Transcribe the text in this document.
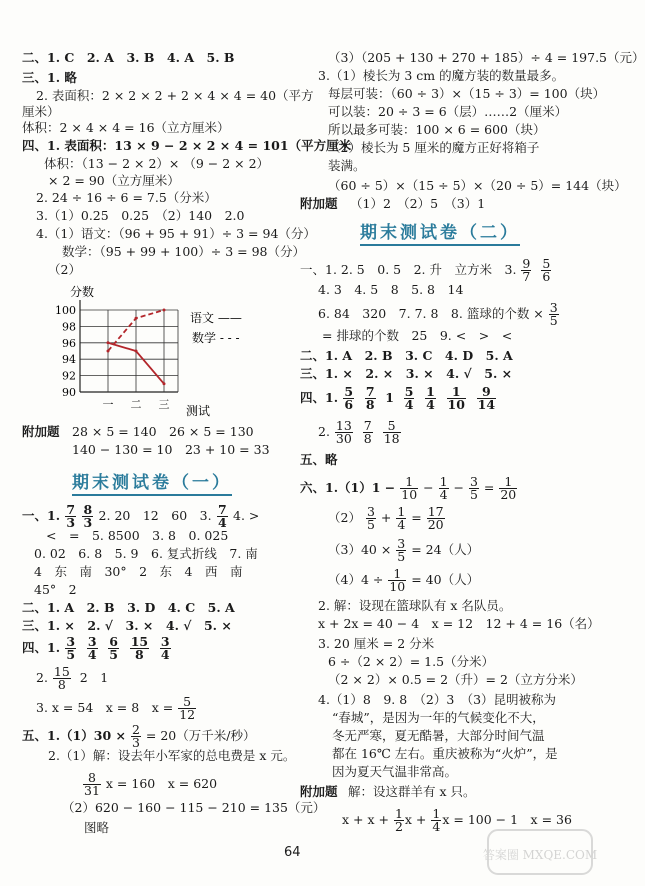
二、1. C　2. A　3. B　4. A　5. B
三、1. 略
2. 表面积：2 × 2 × 2 + 2 × 4 × 4 = 40（平方
厘米）
体积：2 × 4 × 4 = 16（立方厘米）
四、1. 表面积：13 × 9 − 2 × 2 × 4 = 101（平方厘米
体积：（13 − 2 × 2）× （9 − 2 × 2）
× 2 = 90（立方厘米）
2. 24 ÷ 16 ÷ 6 = 7.5（分米）
3.（1）0.25　0.25　（2）140　2.0
4.（1）语文：（96 + 95 + 91）÷ 3 = 94（分）
数学：（95 + 99 + 100）÷ 3 = 98（分）
（2）
分数
90
92
94
96
98
100
一 二 三 测试
语文 ——
数学 - - -
附加题 28 × 5 = 140　26 × 5 = 130
140 − 130 = 10　23 + 10 = 33
期末测试卷（一）
一、1. $\frac{7}{3}$
$\frac{8}{3} 2$. 20　12　60　3. $\frac{7}{4} 4$. >
<　=　5. 8500　3. 8　0. 025
0. 02　6. 8　5. 9　6. 复式折线　7. 南
4　东　南　30°　2　东　4　西　南
45°　2
二、1. A　2. B　3. D　4. C　5. A
三、1. ×　2. √　3. ×　4. √　5. ×
四、1. $\frac{3}{5}$
$\frac{3}{4}$
$\frac{6}{5}$
$\frac{15}{8}$
$\frac{3}{4}$
2. $\frac{15}{8} 2$　1
3. x = 54　x = 8　$x = \frac{5}{12}$
五、$1.(1)30 \times \frac{2}{3} = 20$（万千米/秒）
2.（1）解：设去年小军家的总电费是 x 元。
$\frac{8}{31}$ x = 160　x = 620
（2）620 − 160 − 115 − 210 = 135（元）
图略
（3）（205 + 130 + 270 + 185）÷ 4 = 197.5（元）
3.（1）棱长为 3 cm 的魔方装的数量最多。
每层可装：（60 ÷ 3）×（15 ÷ 3）= 100（块）
可以装：20 ÷ 3 = 6（层）……2（厘米）
所以最多可装：100 × 6 = 600（块）
（2）棱长为 5 厘米的魔方正好将箱子
装满。
（60 ÷ 5）×（15 ÷ 5）×（20 ÷ 5）= 144（块）
附加题 （1）2　（2）5　（3）1
期末测试卷（二）
一、1. 2. 5　0. 5　2. 升　立方米　3. $\frac{9}{7}$
$\frac{5}{6}$
4. 3　4. 5　8　5. 8　14
6. 84　320　7. 7. 8　8. 篮球的个数 × $\frac{3}{5}$
= 排球的个数　25　9. <　>　<
二、1. A　2. B　3. C　4. D　5. A
三、1. ×　2. ×　3. ×　4. √　5. ×
四、1. $\frac{5}{6}$
$\frac{7}{8} 1 \frac{5}{4}$
$\frac{1}{4}$
$\frac{1}{10}$
$\frac{9}{14}$
2. $\frac{13}{30}$
$\frac{7}{8}$
$\frac{5}{18}$
五、略
六、$1.(1)1 - \frac{1}{10} - \frac{1}{4} - \frac{3}{5} = \frac{1}{20}$
$(2) \frac{3}{5} + \frac{1}{4} = \frac{17}{20}$
$(3)40 \times \frac{3}{5} = 24$（人）
$(4)4 \div \frac{1}{10} = 40$（人）
2. 解：设现在篮球队有 x 名队员。
x + 2x = 40 − 4　x = 12　12 + 4 = 16（名）
3. 20 厘米 = 2 分米
6 ÷（2 × 2）= 1.5（分米）
（2 × 2）× 0.5 = 2（升）= 2（立方分米）
4.（1）8　9. 8　（2）3　（3）昆明被称为
“春城”，是因为一年的气候变化不大，
冬无严寒，夏无酷暑，大部分时间气温
都在 16℃ 左右。重庆被称为“火炉”，是
因为夏天气温非常高。
附加题 解：设这群羊有 x 只。
$x + x + \frac{1}{2}$ $x + \frac{1}{4}$ x = 100 − 1　x = 36
64	答案圈 MXQE.COM
